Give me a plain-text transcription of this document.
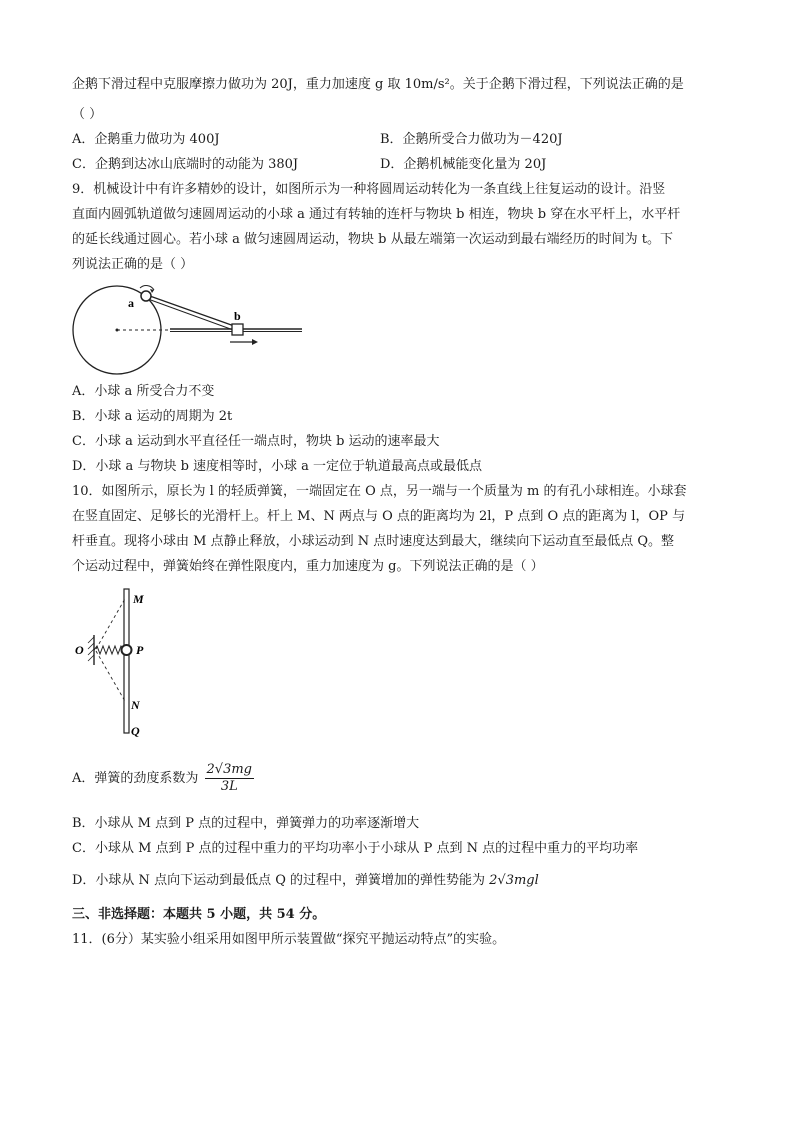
企鹅下滑过程中克服摩擦力做功为 20J，重力加速度 g 取 10m/s²。关于企鹅下滑过程，下列说法正确的是
（ ）
A．企鹅重力做功为 400J	B．企鹅所受合力做功为－420J
C．企鹅到达冰山底端时的动能为 380J	D．企鹅机械能变化量为 20J
9．机械设计中有许多精妙的设计，如图所示为一种将圆周运动转化为一条直线上往复运动的设计。沿竖
直面内圆弧轨道做匀速圆周运动的小球 a 通过有转轴的连杆与物块 b 相连，物块 b 穿在水平杆上，水平杆
的延长线通过圆心。若小球 a 做匀速圆周运动，物块 b 从最左端第一次运动到最右端经历的时间为 t。下
列说法正确的是（ ）
a
b
A．小球 a 所受合力不变
B．小球 a 运动的周期为 2t
C．小球 a 运动到水平直径任一端点时，物块 b 运动的速率最大
D．小球 a 与物块 b 速度相等时，小球 a 一定位于轨道最高点或最低点
10．如图所示，原长为 l 的轻质弹簧，一端固定在 O 点，另一端与一个质量为 m 的有孔小球相连。小球套
在竖直固定、足够长的光滑杆上。杆上 M、N 两点与 O 点的距离均为 2l，P 点到 O 点的距离为 l，OP 与
杆垂直。现将小球由 M 点静止释放，小球运动到 N 点时速度达到最大，继续向下运动直至最低点 Q。整
个运动过程中，弹簧始终在弹性限度内，重力加速度为 g。下列说法正确的是（ ）
M
O	P
N
Q
A．弹簧的劲度系数为 $\frac{2√3mg}{3L}$
B．小球从 M 点到 P 点的过程中，弹簧弹力的功率逐渐增大
C．小球从 M 点到 P 点的过程中重力的平均功率小于小球从 P 点到 N 点的过程中重力的平均功率
D．小球从 N 点向下运动到最低点 Q 的过程中，弹簧增加的弹性势能为 2√3mgl
三、非选择题：本题共 5 小题，共 54 分。
11．(6分）某实验小组采用如图甲所示装置做“探究平抛运动特点”的实验。
